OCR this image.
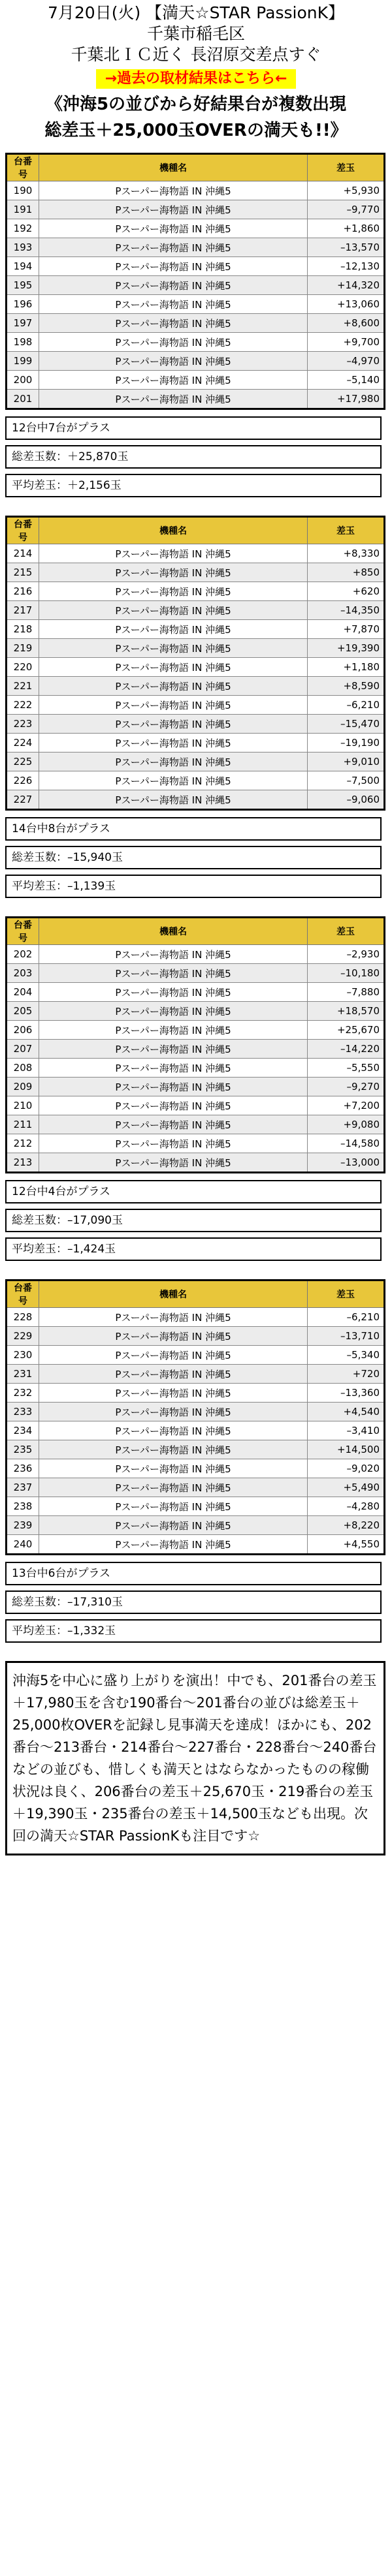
7月20日(火) 【満天☆STAR PassionK】
千葉市稲毛区
千葉北ＩＣ近く 長沼原交差点すぐ
→過去の取材結果はこちら←
《沖海5の並びから好結果台が複数出現
総差玉＋25,000玉OVERの満天も!!》
台番号	機種名	差玉
190	Pスーパー海物語 IN 沖縄5	+5,930
191	Pスーパー海物語 IN 沖縄5	–9,770
192	Pスーパー海物語 IN 沖縄5	+1,860
193	Pスーパー海物語 IN 沖縄5	–13,570
194	Pスーパー海物語 IN 沖縄5	–12,130
195	Pスーパー海物語 IN 沖縄5	+14,320
196	Pスーパー海物語 IN 沖縄5	+13,060
197	Pスーパー海物語 IN 沖縄5	+8,600
198	Pスーパー海物語 IN 沖縄5	+9,700
199	Pスーパー海物語 IN 沖縄5	–4,970
200	Pスーパー海物語 IN 沖縄5	–5,140
201	Pスーパー海物語 IN 沖縄5	+17,980
12台中7台がプラス
総差玉数：＋25,870玉
平均差玉：＋2,156玉
台番号	機種名	差玉
214	Pスーパー海物語 IN 沖縄5	+8,330
215	Pスーパー海物語 IN 沖縄5	+850
216	Pスーパー海物語 IN 沖縄5	+620
217	Pスーパー海物語 IN 沖縄5	–14,350
218	Pスーパー海物語 IN 沖縄5	+7,870
219	Pスーパー海物語 IN 沖縄5	+19,390
220	Pスーパー海物語 IN 沖縄5	+1,180
221	Pスーパー海物語 IN 沖縄5	+8,590
222	Pスーパー海物語 IN 沖縄5	–6,210
223	Pスーパー海物語 IN 沖縄5	–15,470
224	Pスーパー海物語 IN 沖縄5	–19,190
225	Pスーパー海物語 IN 沖縄5	+9,010
226	Pスーパー海物語 IN 沖縄5	–7,500
227	Pスーパー海物語 IN 沖縄5	–9,060
14台中8台がプラス
総差玉数：–15,940玉
平均差玉：–1,139玉
台番号	機種名	差玉
202	Pスーパー海物語 IN 沖縄5	–2,930
203	Pスーパー海物語 IN 沖縄5	–10,180
204	Pスーパー海物語 IN 沖縄5	–7,880
205	Pスーパー海物語 IN 沖縄5	+18,570
206	Pスーパー海物語 IN 沖縄5	+25,670
207	Pスーパー海物語 IN 沖縄5	–14,220
208	Pスーパー海物語 IN 沖縄5	–5,550
209	Pスーパー海物語 IN 沖縄5	–9,270
210	Pスーパー海物語 IN 沖縄5	+7,200
211	Pスーパー海物語 IN 沖縄5	+9,080
212	Pスーパー海物語 IN 沖縄5	–14,580
213	Pスーパー海物語 IN 沖縄5	–13,000
12台中4台がプラス
総差玉数：–17,090玉
平均差玉：–1,424玉
台番号	機種名	差玉
228	Pスーパー海物語 IN 沖縄5	–6,210
229	Pスーパー海物語 IN 沖縄5	–13,710
230	Pスーパー海物語 IN 沖縄5	–5,340
231	Pスーパー海物語 IN 沖縄5	+720
232	Pスーパー海物語 IN 沖縄5	–13,360
233	Pスーパー海物語 IN 沖縄5	+4,540
234	Pスーパー海物語 IN 沖縄5	–3,410
235	Pスーパー海物語 IN 沖縄5	+14,500
236	Pスーパー海物語 IN 沖縄5	–9,020
237	Pスーパー海物語 IN 沖縄5	+5,490
238	Pスーパー海物語 IN 沖縄5	–4,280
239	Pスーパー海物語 IN 沖縄5	+8,220
240	Pスーパー海物語 IN 沖縄5	+4,550
13台中6台がプラス
総差玉数：–17,310玉
平均差玉：–1,332玉
沖海5を中心に盛り上がりを演出！中でも、201番台の差玉＋17,980玉を含む190番台〜201番台の並びは総差玉＋25,000枚OVERを記録し見事満天を達成！ほかにも、202番台〜213番台・214番台〜227番台・228番台〜240番台などの並びも、惜しくも満天とはならなかったものの稼働状況は良く、206番台の差玉＋25,670玉・219番台の差玉＋19,390玉・235番台の差玉＋14,500玉なども出現。次回の満天☆STAR PassionKも注目です☆
